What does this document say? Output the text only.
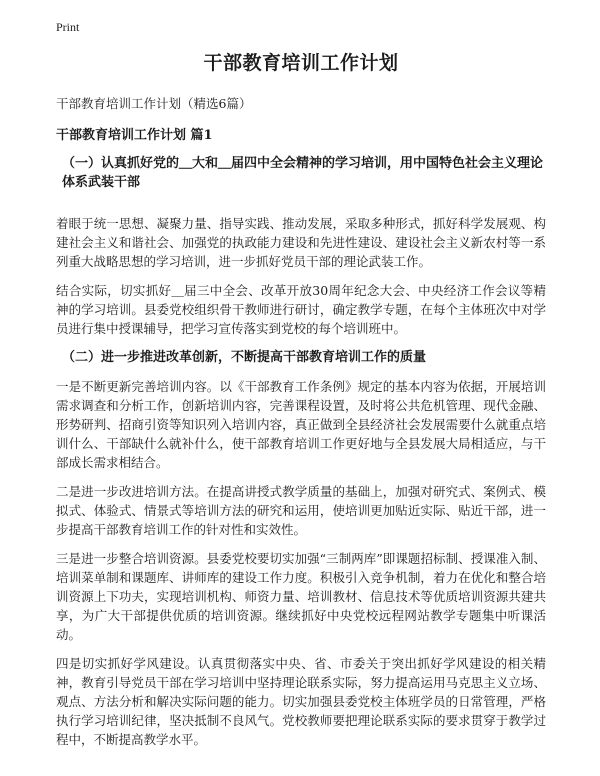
Print
干部教育培训工作计划

干部教育培训工作计划（精选6篇）

干部教育培训工作计划 篇1

（一）认真抓好党的＿大和＿届四中全会精神的学习培训，用中国特色社会主义理论体系武装干部

着眼于统一思想、凝聚力量、指导实践、推动发展，采取多种形式，抓好科学发展观、构建社会主义和谐社会、加强党的执政能力建设和先进性建设、建设社会主义新农村等一系列重大战略思想的学习培训，进一步抓好党员干部的理论武装工作。

结合实际，切实抓好＿届三中全会、改革开放30周年纪念大会、中央经济工作会议等精神的学习培训。县委党校组织骨干教师进行研讨，确定教学专题，在每个主体班次中对学员进行集中授课辅导，把学习宣传落实到党校的每个培训班中。

（二）进一步推进改革创新，不断提高干部教育培训工作的质量

一是不断更新完善培训内容。以《干部教育工作条例》规定的基本内容为依据，开展培训需求调查和分析工作，创新培训内容，完善课程设置，及时将公共危机管理、现代金融、形势研判、招商引资等知识列入培训内容，真正做到全县经济社会发展需要什么就重点培训什么、干部缺什么就补什么，使干部教育培训工作更好地与全县发展大局相适应，与干部成长需求相结合。

二是进一步改进培训方法。在提高讲授式教学质量的基础上，加强对研究式、案例式、模拟式、体验式、情景式等培训方法的研究和运用，使培训更加贴近实际、贴近干部，进一步提高干部教育培训工作的针对性和实效性。

三是进一步整合培训资源。县委党校要切实加强“三制两库”即课题招标制、授课准入制、培训菜单制和课题库、讲师库的建设工作力度。积极引入竞争机制，着力在优化和整合培训资源上下功夫，实现培训机构、师资力量、培训教材、信息技术等优质培训资源共建共享，为广大干部提供优质的培训资源。继续抓好中央党校远程网站教学专题集中听课活动。

四是切实抓好学风建设。认真贯彻落实中央、省、市委关于突出抓好学风建设的相关精神，教育引导党员干部在学习培训中坚持理论联系实际，努力提高运用马克思主义立场、观点、方法分析和解决实际问题的能力。切实加强县委党校主体班学员的日常管理，严格执行学习培训纪律，坚决抵制不良风气。党校教师要把理论联系实际的要求贯穿于教学过程中，不断提高教学水平。
